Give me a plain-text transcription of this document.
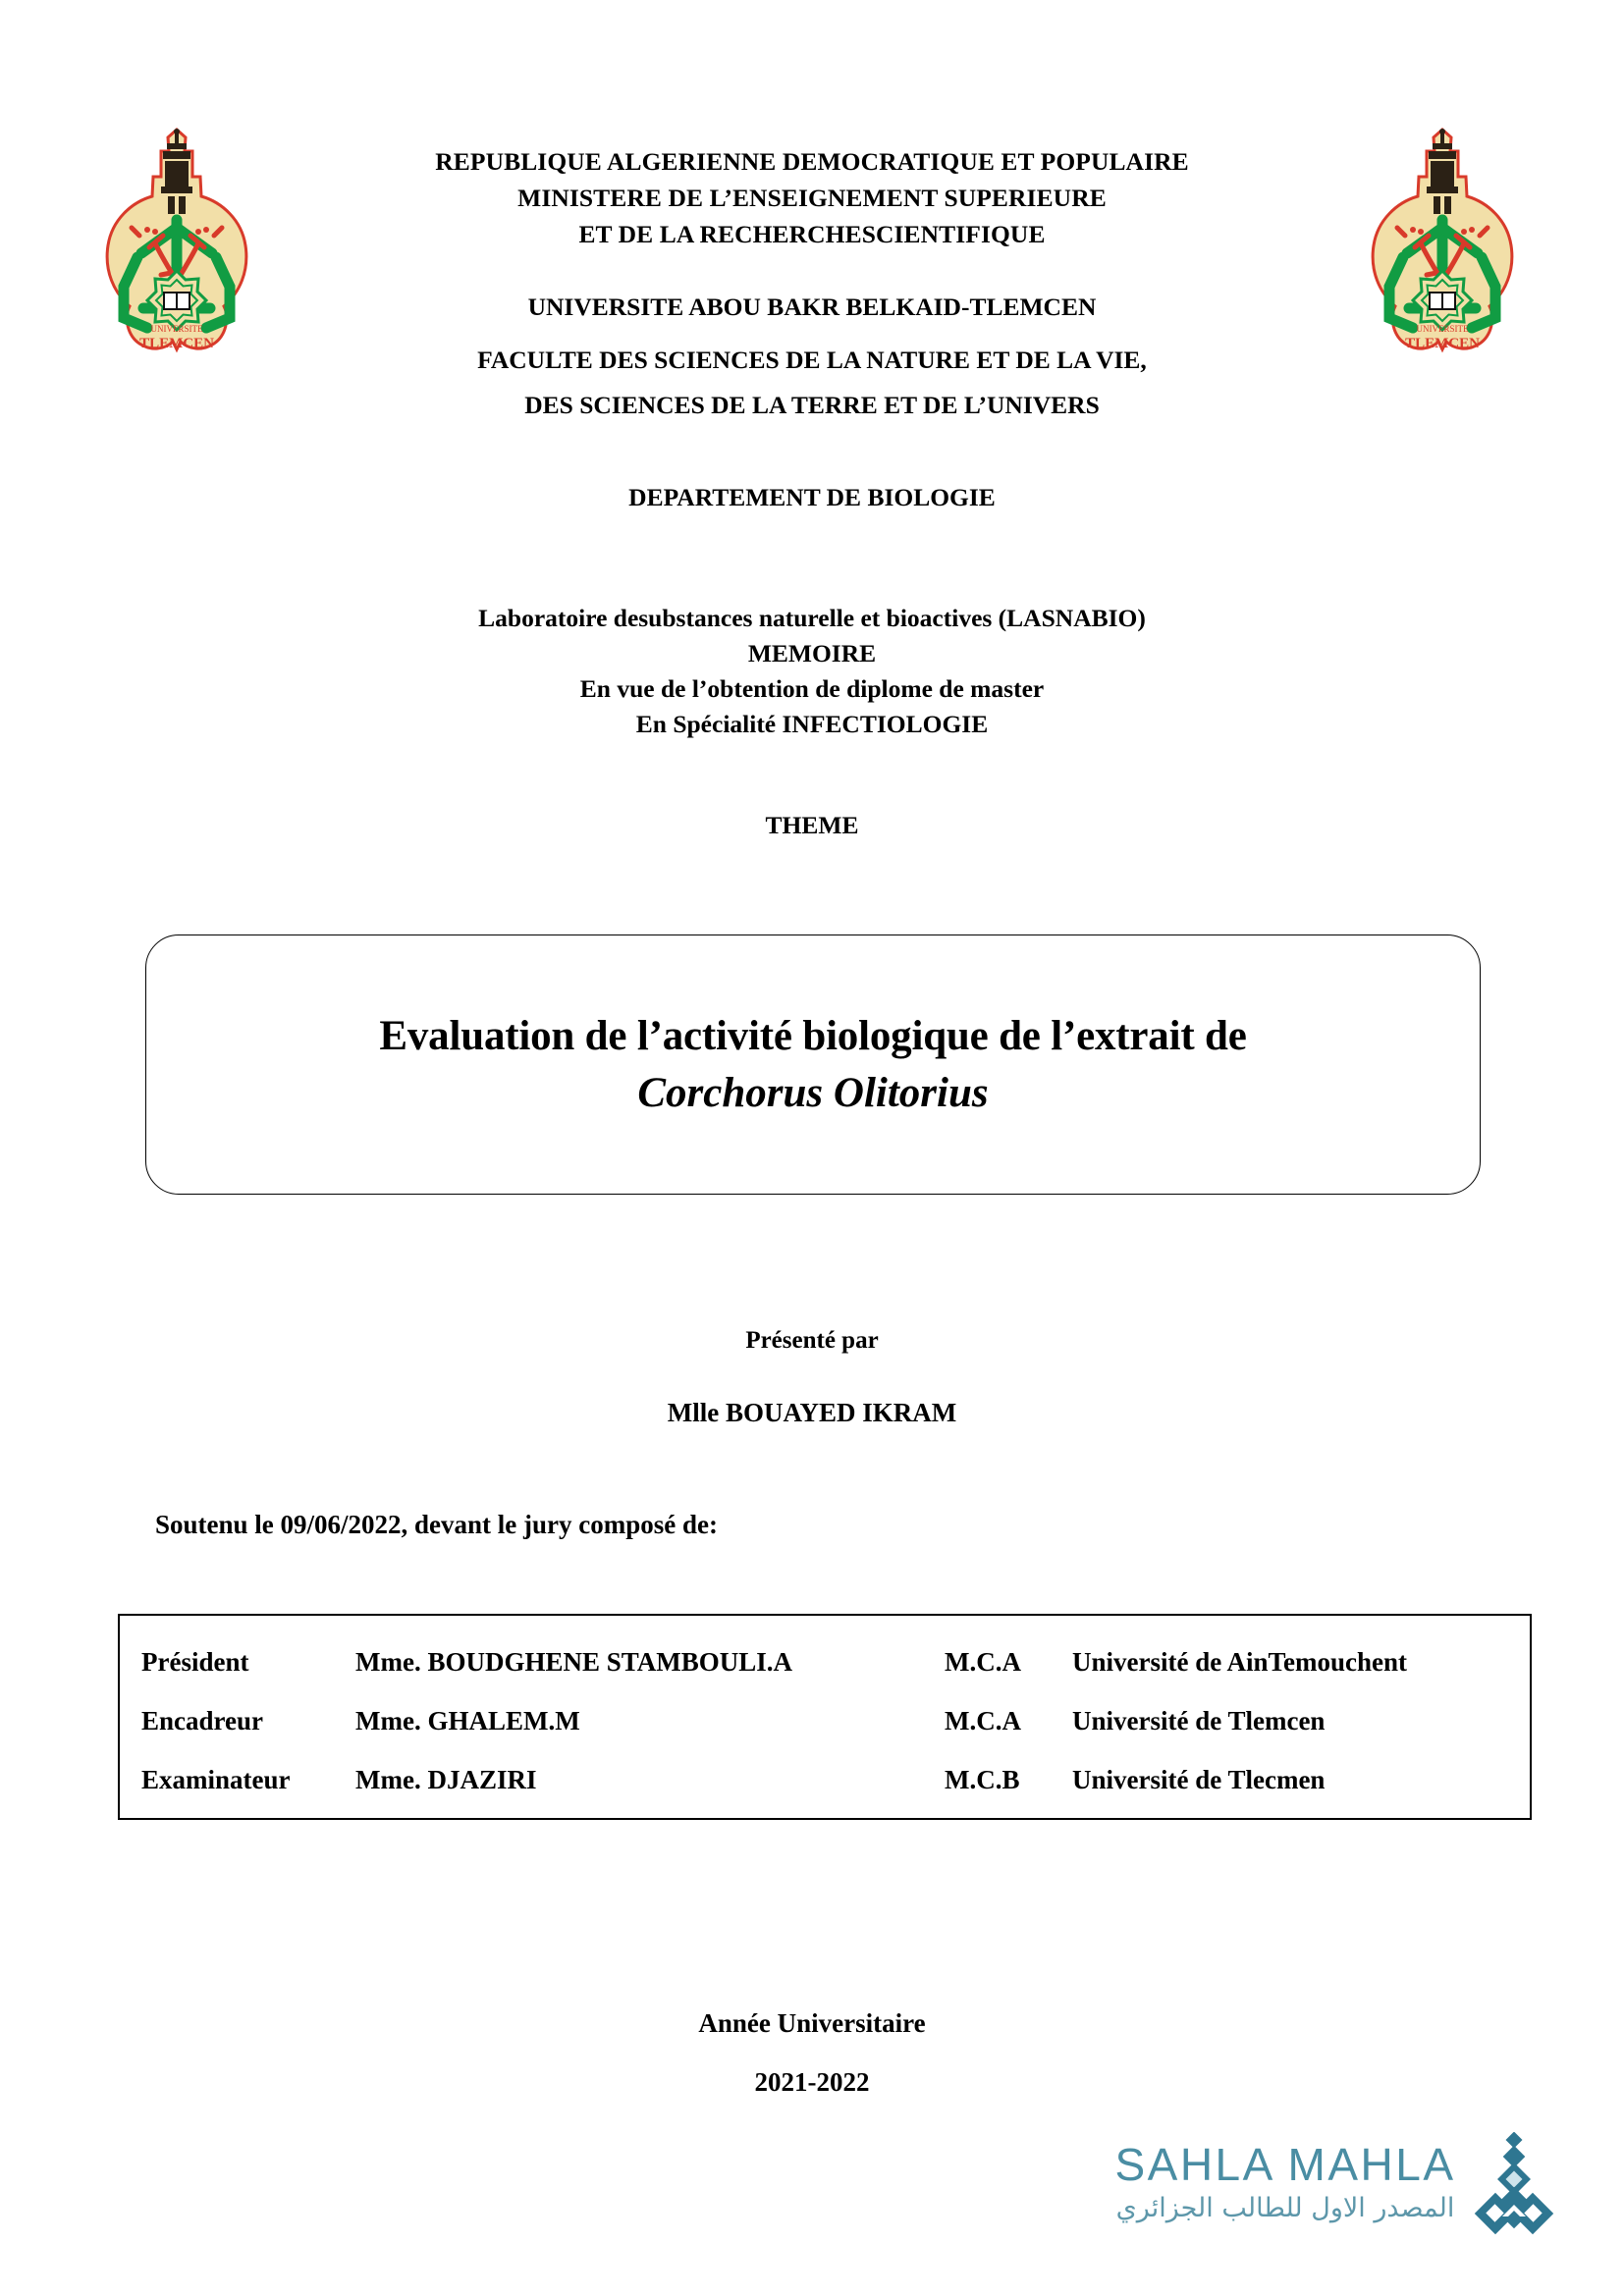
TLEMCEN
UNIVERSITE
TLEMCEN
UNIVERSITE
REPUBLIQUE ALGERIENNE DEMOCRATIQUE ET POPULAIRE
MINISTERE DE L’ENSEIGNEMENT SUPERIEURE
ET DE LA RECHERCHESCIENTIFIQUE
UNIVERSITE ABOU BAKR BELKAID-TLEMCEN
FACULTE DES SCIENCES DE LA NATURE ET DE LA VIE,
DES SCIENCES DE LA TERRE ET DE L’UNIVERS
DEPARTEMENT DE BIOLOGIE
Laboratoire desubstances naturelle et bioactives (LASNABIO)
MEMOIRE
En vue de l’obtention de diplome de master
En Spécialité INFECTIOLOGIE
THEME
Evaluation de l’activité biologique de l’extrait de
Corchorus Olitorius
Présenté par
Mlle BOUAYED IKRAM
Soutenu le 09/06/2022, devant le jury composé de:
Président	Mme. BOUDGHENE STAMBOULI.A	M.C.A	Université de AinTemouchent
Encadreur	Mme. GHALEM.M	M.C.A	Université de Tlemcen
Examinateur	Mme. DJAZIRI	M.C.B	Université de Tlecmen
Année Universitaire
2021-2022
SAHLA MAHLA
المصدر الاول للطالب الجزائري
